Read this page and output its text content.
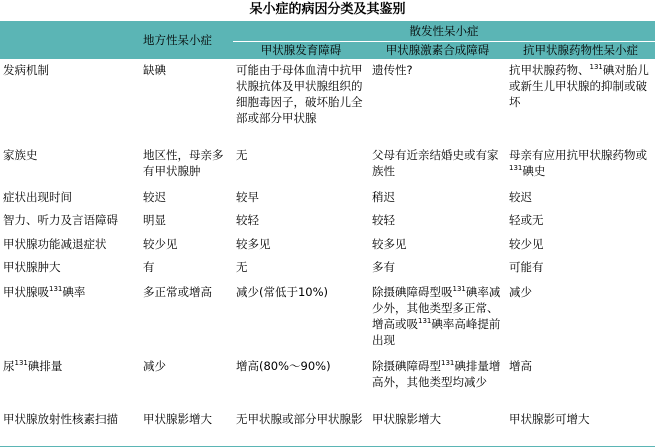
呆小症的病因分类及其鉴别
	地方性呆小症	散发性呆小症		
		甲状腺发育障碍	甲状腺激素合成障碍	抗甲状腺药物性呆小症
发病机制	缺碘	可能由于母体血清中抗甲状腺抗体及甲状腺组织的细胞毒因子，破坏胎儿全部或部分甲状腺	遗传性?	抗甲状腺药物、$^{131}$碘对胎儿或新生儿甲状腺的抑制或破坏
家族史	地区性，母亲多有甲状腺肿	无	父母有近亲结婚史或有家族性	母亲有应用抗甲状腺药物或$^{131}$碘史
症状出现时间	较迟	较早	稍迟	较迟
智力、听力及言语障碍	明显	较轻	较轻	轻或无
甲状腺功能减退症状	较少见	较多见	较多见	较少见
甲状腺肿大	有	无	多有	可能有
甲状腺吸$^{131}$碘率	多正常或增高	减少(常低于10%)	除摄碘障碍型吸$^{131}$碘率减少外，其他类型多正常、增高或吸$^{131}$碘率高峰提前出现	减少
尿$^{131}$碘排量	减少	增高(80%～90%)	除摄碘障碍型$^{131}$碘排量增高外，其他类型均减少	增高
甲状腺放射性核素扫描	甲状腺影增大	无甲状腺或部分甲状腺影	甲状腺影增大	甲状腺影可增大
